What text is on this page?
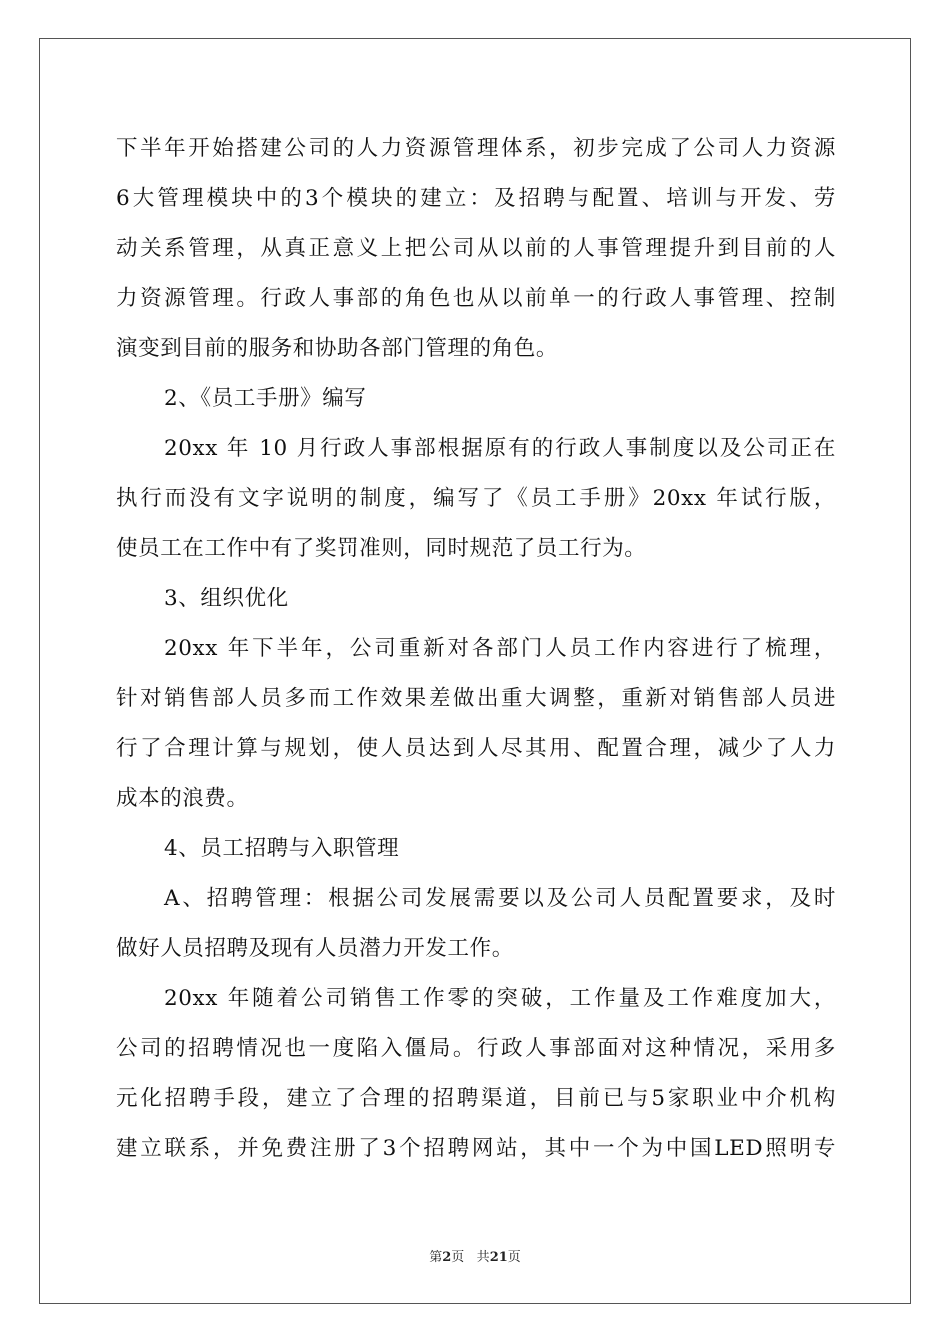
下半年开始搭建公司的人力资源管理体系，初步完成了公司人力资源
6大管理模块中的3个模块的建立：及招聘与配置、培训与开发、劳
动关系管理，从真正意义上把公司从以前的人事管理提升到目前的人
力资源管理。行政人事部的角色也从以前单一的行政人事管理、控制
演变到目前的服务和协助各部门管理的角色。
2、《员工手册》编写
20xx 年 10 月行政人事部根据原有的行政人事制度以及公司正在
执行而没有文字说明的制度，编写了《员工手册》20xx 年试行版，
使员工在工作中有了奖罚准则，同时规范了员工行为。
3、组织优化
20xx 年下半年，公司重新对各部门人员工作内容进行了梳理，
针对销售部人员多而工作效果差做出重大调整，重新对销售部人员进
行了合理计算与规划，使人员达到人尽其用、配置合理，减少了人力
成本的浪费。
4、员工招聘与入职管理
A、招聘管理：根据公司发展需要以及公司人员配置要求，及时
做好人员招聘及现有人员潜力开发工作。
20xx 年随着公司销售工作零的突破，工作量及工作难度加大，
公司的招聘情况也一度陷入僵局。行政人事部面对这种情况，采用多
元化招聘手段，建立了合理的招聘渠道，目前已与5家职业中介机构
建立联系，并免费注册了3个招聘网站，其中一个为中国LED照明专
第2页 共21页
